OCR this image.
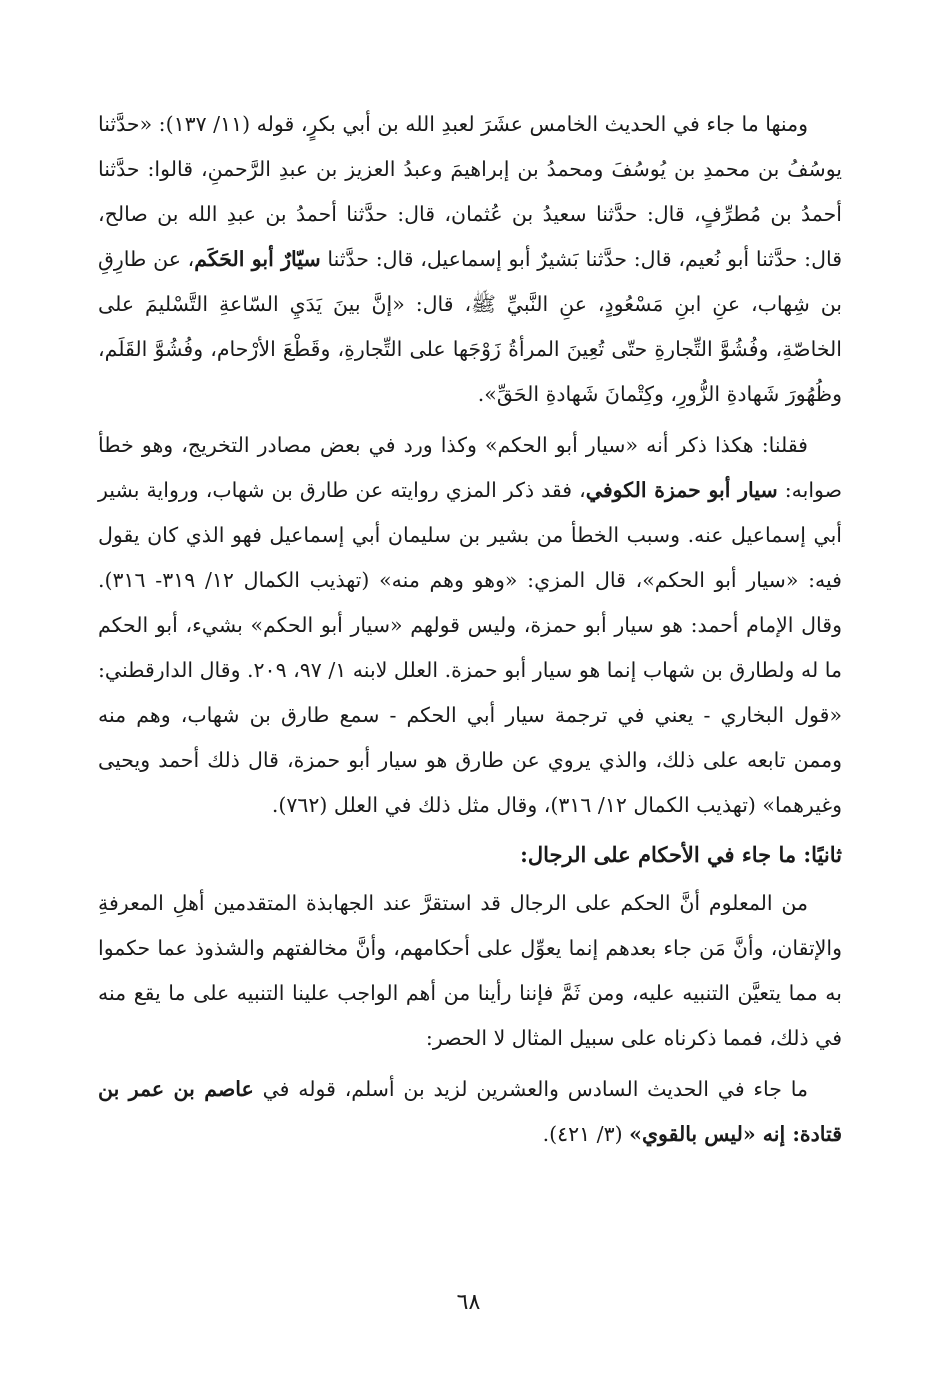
ومنها ما جاء في الحديث الخامس عشَرَ لعبدِ الله بن أبي بكرٍ، قوله (١١/ ١٣٧): «حدَّثنا يوسُفُ بن محمدِ بن يُوسُفَ ومحمدُ بن إبراهيمَ وعبدُ العزيز بن عبدِ الرَّحمنِ، قالوا: حدَّثنا أحمدُ بن مُطرِّفٍ، قال: حدَّثنا سعيدُ بن عُثمان، قال: حدَّثنا أحمدُ بن عبدِ الله بن صالح، قال: حدَّثنا أبو نُعيم، قال: حدَّثنا بَشيرٌ أبو إسماعيل، قال: حدَّثنا سيّارٌ أبو الحَكَم، عن طارِقِ بن شِهاب، عنِ ابنِ مَسْعُودٍ، عنِ النَّبيِّ ﷺ، قال: «إنَّ بينَ يَدَيِ السّاعةِ التَّسْليمَ على الخاصّةِ، وفُشُوَّ التِّجارةِ حتّى تُعِينَ المرأةُ زَوْجَها على التِّجارةِ، وقَطْعَ الأرْحام، وفُشُوَّ القَلَم، وظُهُورَ شَهادةِ الزُّورِ، وكِتْمانَ شَهادةِ الحَقِّ».

فقلنا: هكذا ذكر أنه «سيار أبو الحكم» وكذا ورد في بعض مصادر التخريج، وهو خطأ صوابه: سيار أبو حمزة الكوفي، فقد ذكر المزي روايته عن طارق بن شهاب، ورواية بشير أبي إسماعيل عنه. وسبب الخطأ من بشير بن سليمان أبي إسماعيل فهو الذي كان يقول فيه: «سيار أبو الحكم»، قال المزي: «وهو وهم منه» (تهذيب الكمال ١٢/ ٣١٩- ٣١٦). وقال الإمام أحمد: هو سيار أبو حمزة، وليس قولهم «سيار أبو الحكم» بشيء، أبو الحكم ما له ولطارق بن شهاب إنما هو سيار أبو حمزة. العلل لابنه ١/ ٩٧، ٢٠٩. وقال الدارقطني: «قول البخاري - يعني في ترجمة سيار أبي الحكم - سمع طارق بن شهاب، وهم منه وممن تابعه على ذلك، والذي يروي عن طارق هو سيار أبو حمزة، قال ذلك أحمد ويحيى وغيرهما» (تهذيب الكمال ١٢/ ٣١٦)، وقال مثل ذلك في العلل (٧٦٢).

ثانيًا: ما جاء في الأحكام على الرجال:

من المعلوم أنَّ الحكم على الرجال قد استقرَّ عند الجهابذة المتقدمين أهلِ المعرفةِ والإتقان، وأنَّ مَن جاء بعدهم إنما يعوِّل على أحكامهم، وأنَّ مخالفتهم والشذوذ عما حكموا به مما يتعيَّن التنبيه عليه، ومن ثَمَّ فإننا رأينا من أهم الواجب علينا التنبيه على ما يقع منه في ذلك، فمما ذكرناه على سبيل المثال لا الحصر:

ما جاء في الحديث السادس والعشرين لزيد بن أسلم، قوله في عاصم بن عمر بن قتادة: إنه «ليس بالقوي» (٣/ ٤٢١).

٦٨
